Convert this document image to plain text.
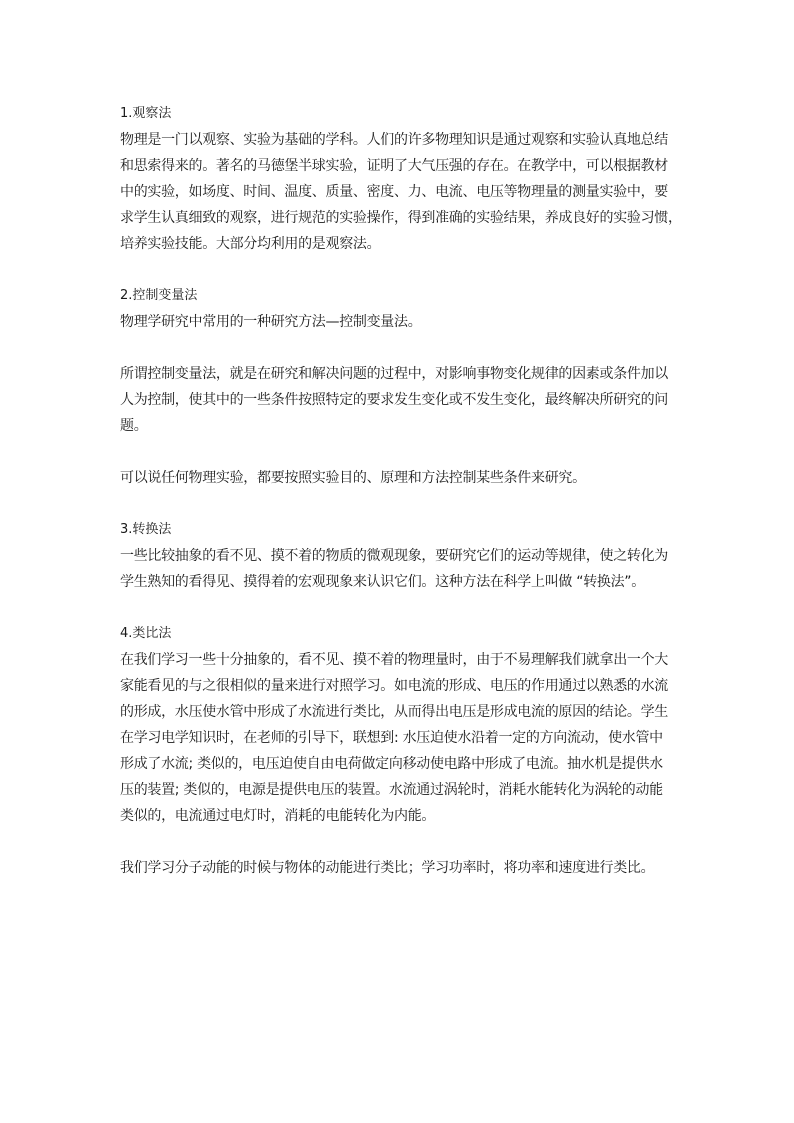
1.观察法
物理是一门以观察、实验为基础的学科。人们的许多物理知识是通过观察和实验认真地总结
和思索得来的。著名的马德堡半球实验，证明了大气压强的存在。在教学中，可以根据教材
中的实验，如场度、时间、温度、质量、密度、力、电流、电压等物理量的测量实验中，要
求学生认真细致的观察，进行规范的实验操作，得到准确的实验结果，养成良好的实验习惯，
培养实验技能。大部分均利用的是观察法。
2.控制变量法
物理学研究中常用的一种研究方法—控制变量法。
所谓控制变量法，就是在研究和解决问题的过程中，对影响事物变化规律的因素或条件加以
人为控制，使其中的一些条件按照特定的要求发生变化或不发生变化，最终解决所研究的问
题。
可以说任何物理实验，都要按照实验目的、原理和方法控制某些条件来研究。
3.转换法
一些比较抽象的看不见、摸不着的物质的微观现象，要研究它们的运动等规律，使之转化为
学生熟知的看得见、摸得着的宏观现象来认识它们。这种方法在科学上叫做 “转换法”。
4.类比法
在我们学习一些十分抽象的，看不见、摸不着的物理量时，由于不易理解我们就拿出一个大
家能看见的与之很相似的量来进行对照学习。如电流的形成、电压的作用通过以熟悉的水流
的形成，水压使水管中形成了水流进行类比，从而得出电压是形成电流的原因的结论。学生
在学习电学知识时，在老师的引导下，联想到: 水压迫使水沿着一定的方向流动，使水管中
形成了水流; 类似的，电压迫使自由电荷做定向移动使电路中形成了电流。抽水机是提供水
压的装置; 类似的，电源是提供电压的装置。水流通过涡轮时，消耗水能转化为涡轮的动能
类似的，电流通过电灯时，消耗的电能转化为内能。
我们学习分子动能的时候与物体的动能进行类比；学习功率时，将功率和速度进行类比。
